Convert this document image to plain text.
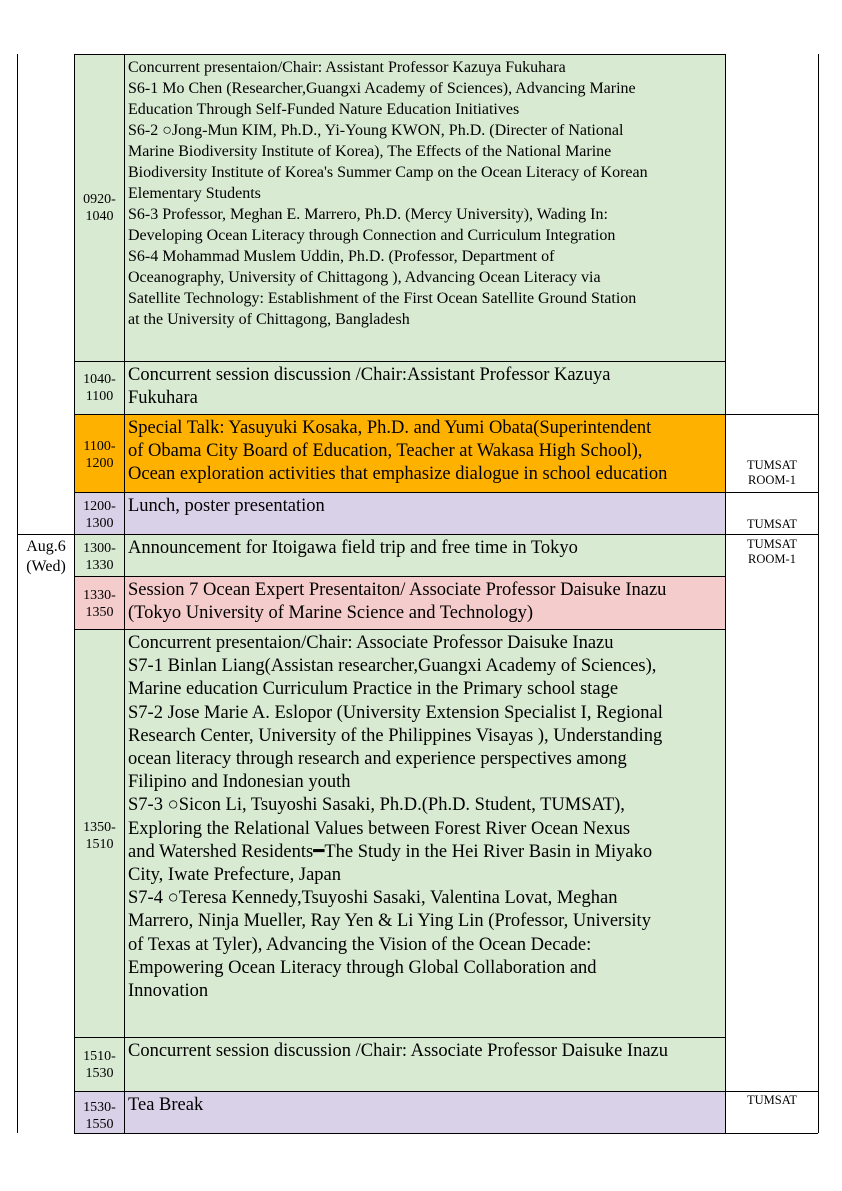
Aug.6
(Wed)
0920-
1040
1040-
1100
1100-
1200
1200-
1300
1300-
1330
1330-
1350
1350-
1510
1510-
1530
1530-
1550
Concurrent presentaion/Chair: Assistant Professor Kazuya Fukuhara
S6-1 Mo Chen (Researcher,Guangxi Academy of Sciences), Advancing Marine
Education Through Self-Funded Nature Education Initiatives
S6-2 ○Jong-Mun KIM, Ph.D., Yi-Young KWON, Ph.D. (Directer of National
Marine Biodiversity Institute of Korea), The Effects of the National Marine
Biodiversity Institute of Korea's Summer Camp on the Ocean Literacy of Korean
Elementary Students
S6-3 Professor, Meghan E. Marrero, Ph.D. (Mercy University), Wading In:
Developing Ocean Literacy through Connection and Curriculum Integration
S6-4 Mohammad Muslem Uddin, Ph.D. (Professor, Department of
Oceanography, University of Chittagong ), Advancing Ocean Literacy via
Satellite Technology: Establishment of the First Ocean Satellite Ground Station
at the University of Chittagong, Bangladesh
Concurrent session discussion /Chair:Assistant Professor Kazuya
Fukuhara
Special Talk: Yasuyuki Kosaka, Ph.D. and Yumi Obata(Superintendent
of Obama City Board of Education, Teacher at Wakasa High School),
Ocean exploration activities that emphasize dialogue in school education
Lunch, poster presentation
Announcement for Itoigawa field trip and free time in Tokyo
Session 7 Ocean Expert Presentaiton/ Associate Professor Daisuke Inazu
(Tokyo University of Marine Science and Technology)
Concurrent presentaion/Chair: Associate Professor Daisuke Inazu
S7-1 Binlan Liang(Assistan researcher,Guangxi Academy of Sciences),
Marine education Curriculum Practice in the Primary school stage
S7-2 Jose Marie A. Eslopor (University Extension Specialist I, Regional
Research Center, University of the Philippines Visayas ), Understanding
ocean literacy through research and experience perspectives among
Filipino and Indonesian youth
S7-3 ○Sicon Li, Tsuyoshi Sasaki, Ph.D.(Ph.D. Student, TUMSAT),
Exploring the Relational Values between Forest River Ocean Nexus
and Watershed Residents━The Study in the Hei River Basin in Miyako
City, Iwate Prefecture, Japan
S7-4 ○Teresa Kennedy,Tsuyoshi Sasaki, Valentina Lovat, Meghan
Marrero, Ninja Mueller, Ray Yen & Li Ying Lin (Professor, University
of Texas at Tyler), Advancing the Vision of the Ocean Decade:
Empowering Ocean Literacy through Global Collaboration and
Innovation
Concurrent session discussion /Chair: Associate Professor Daisuke Inazu
Tea Break
TUMSAT
ROOM-1
TUMSAT
TUMSAT
ROOM-1
TUMSAT
